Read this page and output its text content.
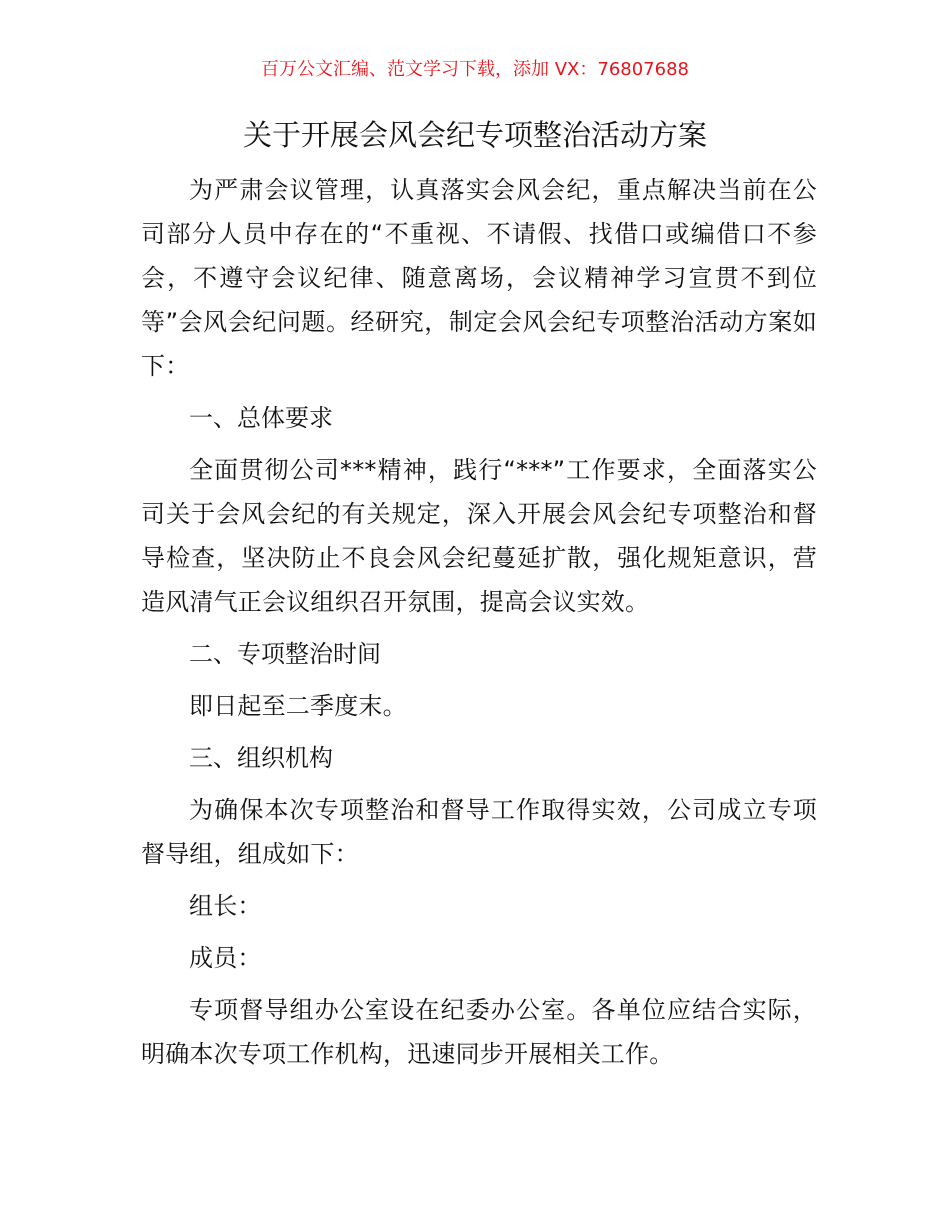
百万公文汇编、范文学习下载，添加 VX：76807688
关于开展会风会纪专项整治活动方案

为严肃会议管理，认真落实会风会纪，重点解决当前在公司部分人员中存在的“不重视、不请假、找借口或编借口不参会，不遵守会议纪律、随意离场，会议精神学习宣贯不到位等”会风会纪问题。经研究，制定会风会纪专项整治活动方案如下：

一、总体要求

全面贯彻公司***精神，践行“***”工作要求，全面落实公司关于会风会纪的有关规定，深入开展会风会纪专项整治和督导检查，坚决防止不良会风会纪蔓延扩散，强化规矩意识，营造风清气正会议组织召开氛围，提高会议实效。

二、专项整治时间

即日起至二季度末。

三、组织机构

为确保本次专项整治和督导工作取得实效，公司成立专项督导组，组成如下：

组长：

成员：

专项督导组办公室设在纪委办公室。各单位应结合实际，明确本次专项工作机构，迅速同步开展相关工作。
